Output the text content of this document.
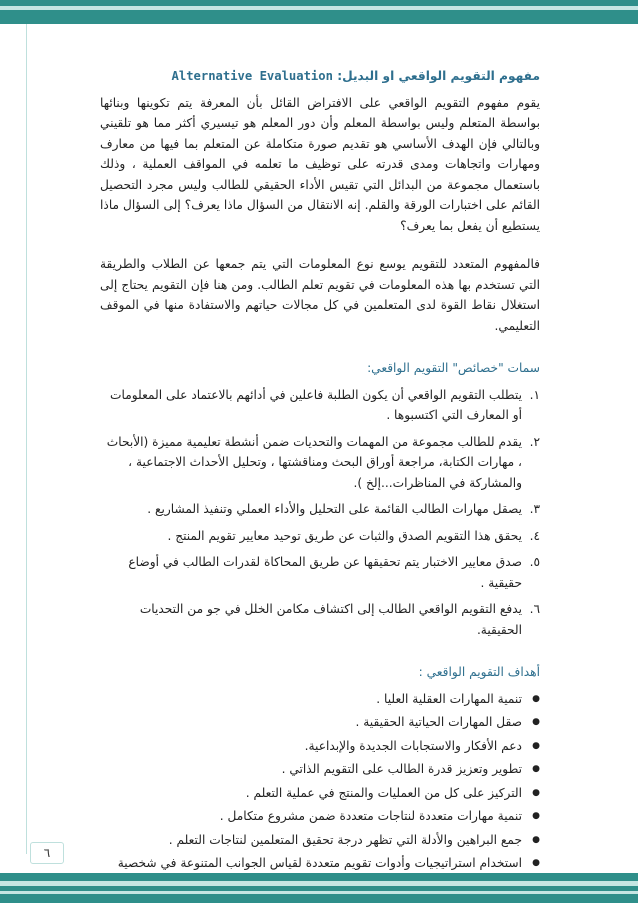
مفهوم التقويم الواقعي او البديل: Alternative Evaluation

يقوم مفهوم التقويم الواقعي على الافتراض القائل بأن المعرفة يتم تكوينها وبنائها بواسطة المتعلم وليس بواسطة المعلم وأن دور المعلم هو تيسيري أكثر مما هو تلقيني وبالتالي فإن الهدف الأساسي هو تقديم صورة متكاملة عن المتعلم بما فيها من معارف ومهارات واتجاهات ومدى قدرته على توظيف ما تعلمه في المواقف العملية ، وذلك باستعمال مجموعة من البدائل التي تقيس الأداء الحقيقي للطالب وليس مجرد التحصيل القائم على اختبارات الورقة والقلم. إنه الانتقال من السؤال ماذا يعرف؟ إلى السؤال ماذا يستطيع أن يفعل بما يعرف؟

فالمفهوم المتعدد للتقويم يوسع نوع المعلومات التي يتم جمعها عن الطلاب والطريقة التي تستخدم بها هذه المعلومات في تقويم تعلم الطالب. ومن هنا فإن التقويم يحتاج إلى استغلال نقاط القوة لدى المتعلمين في كل مجالات حياتهم والاستفادة منها في الموقف التعليمي.

سمات "خصائص" التقويم الواقعي:
١.
يتطلب التقويم الواقعي أن يكون الطلبة فاعلين في أدائهم بالاعتماد على المعلومات أو المعارف التي اكتسبوها .
٢.
يقدم للطالب مجموعة من المهمات والتحديات ضمن أنشطة تعليمية مميزة (الأبحاث ، مهارات الكتابة، مراجعة أوراق البحث ومناقشتها ، وتحليل الأحداث الاجتماعية ، والمشاركة في المناظرات...إلخ ).
٣.
يصقل مهارات الطالب القائمة على التحليل والأداء العملي وتنفيذ المشاريع .
٤.
يحقق هذا التقويم الصدق والثبات عن طريق توحيد معايير تقويم المنتج .
٥.
صدق معايير الاختبار يتم تحقيقها عن طريق المحاكاة لقدرات الطالب في أوضاع حقيقية .
٦.
يدفع التقويم الواقعي الطالب إلى اكتشاف مكامن الخلل في جو من التحديات الحقيقية.
أهداف التقويم الواقعي :
● تنمية المهارات العقلية العليا .
● صقل المهارات الحياتية الحقيقية .
● دعم الأفكار والاستجابات الجديدة والإبداعية.
● تطوير وتعزيز قدرة الطالب على التقويم الذاتي .
● التركيز على كل من العمليات والمنتج في عملية التعلم .
● تنمية مهارات متعددة لنتاجات متعددة ضمن مشروع متكامل .
● جمع البراهين والأدلة التي تظهر درجة تحقيق المتعلمين لنتاجات التعلم .
● استخدام استراتيجيات وأدوات تقويم متعددة لقياس الجوانب المتنوعة في شخصية
٦
